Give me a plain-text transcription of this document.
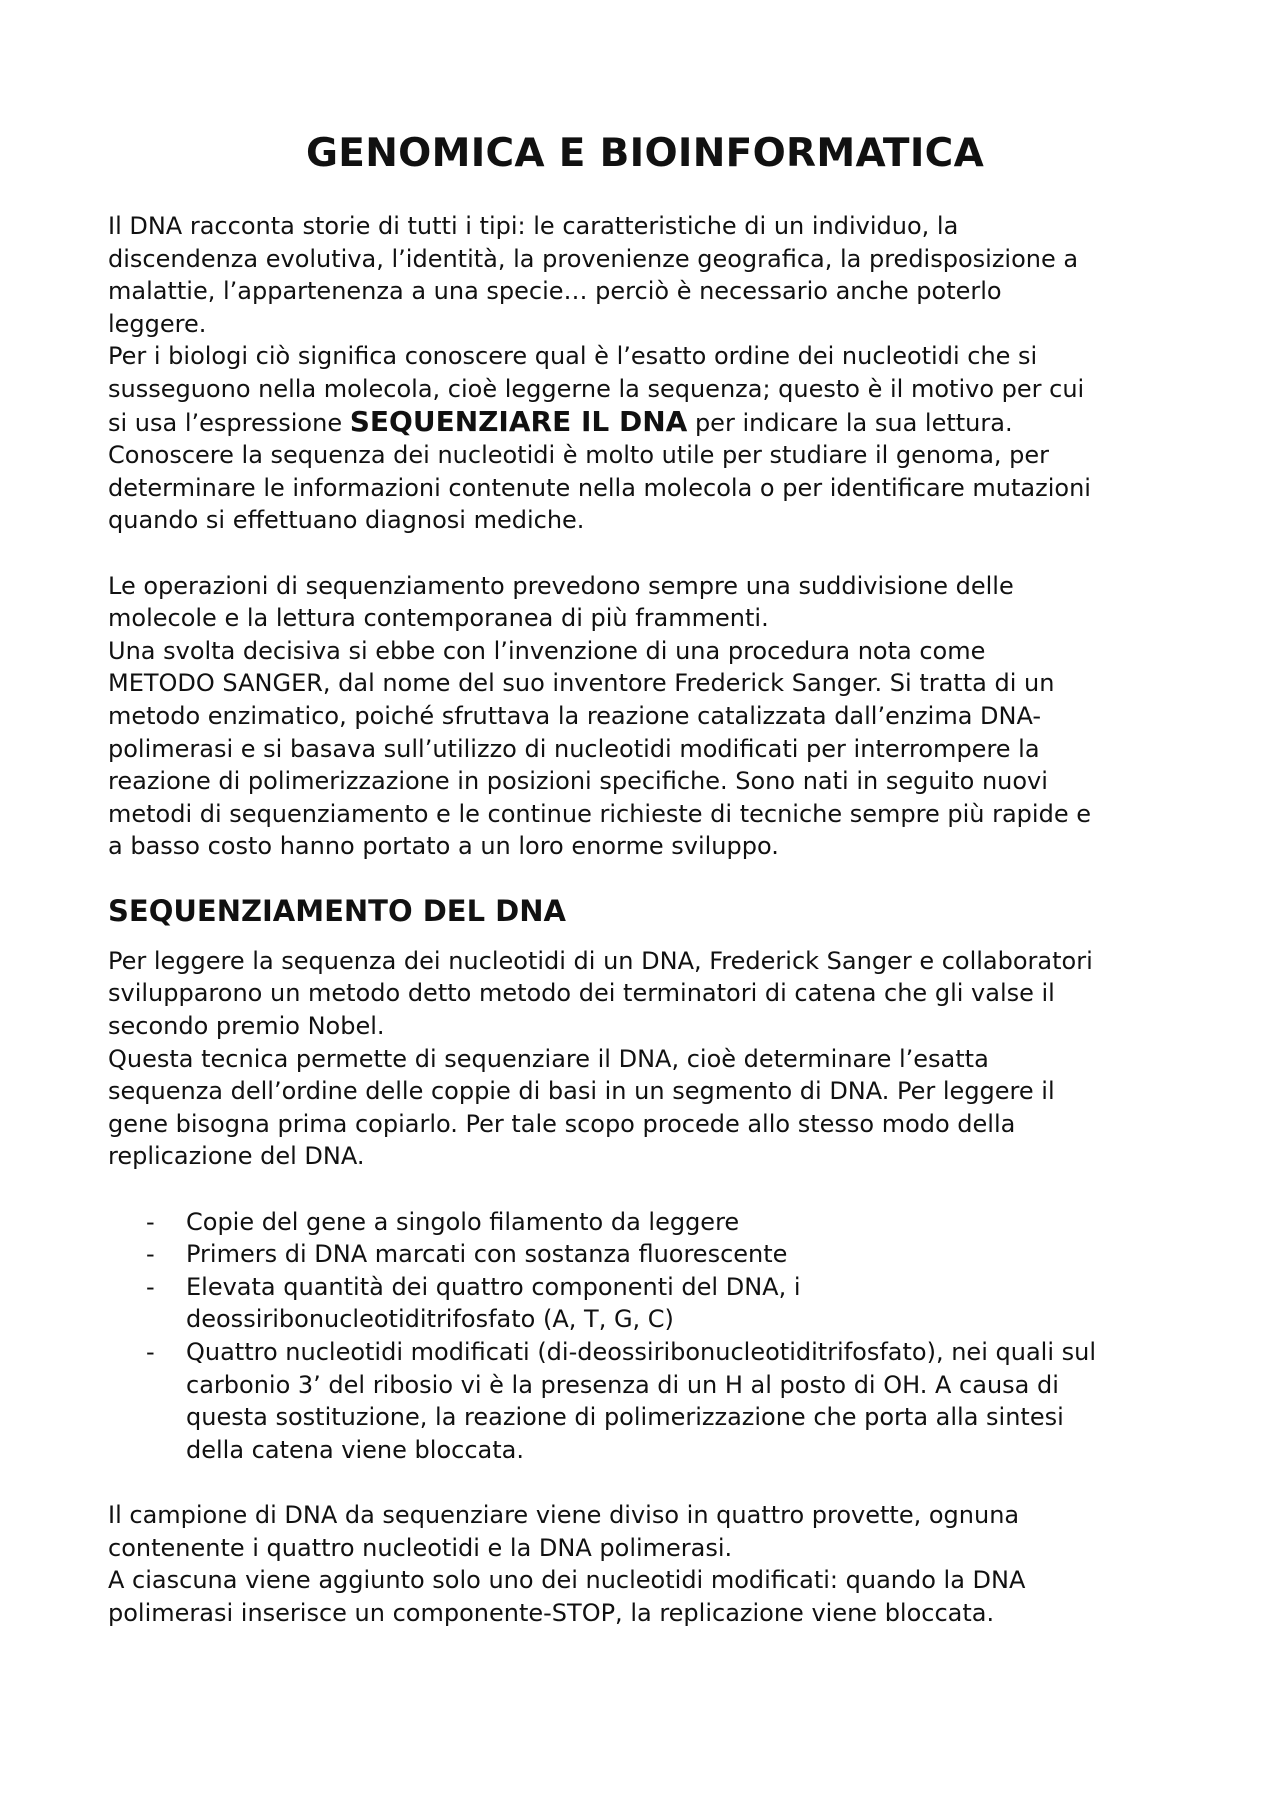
GENOMICA E BIOINFORMATICA
Il DNA racconta storie di tutti i tipi: le caratteristiche di un individuo, la
discendenza evolutiva, l’identità, la provenienze geografica, la predisposizione a
malattie, l’appartenenza a una specie… perciò è necessario anche poterlo
leggere.
Per i biologi ciò significa conoscere qual è l’esatto ordine dei nucleotidi che si
susseguono nella molecola, cioè leggerne la sequenza; questo è il motivo per cui
si usa l’espressione SEQUENZIARE IL DNA per indicare la sua lettura.
Conoscere la sequenza dei nucleotidi è molto utile per studiare il genoma, per
determinare le informazioni contenute nella molecola o per identificare mutazioni
quando si effettuano diagnosi mediche.
Le operazioni di sequenziamento prevedono sempre una suddivisione delle
molecole e la lettura contemporanea di più frammenti.
Una svolta decisiva si ebbe con l’invenzione di una procedura nota come
METODO SANGER, dal nome del suo inventore Frederick Sanger. Si tratta di un
metodo enzimatico, poiché sfruttava la reazione catalizzata dall’enzima DNA-
polimerasi e si basava sull’utilizzo di nucleotidi modificati per interrompere la
reazione di polimerizzazione in posizioni specifiche. Sono nati in seguito nuovi
metodi di sequenziamento e le continue richieste di tecniche sempre più rapide e
a basso costo hanno portato a un loro enorme sviluppo.
SEQUENZIAMENTO DEL DNA
Per leggere la sequenza dei nucleotidi di un DNA, Frederick Sanger e collaboratori
svilupparono un metodo detto metodo dei terminatori di catena che gli valse il
secondo premio Nobel.
Questa tecnica permette di sequenziare il DNA, cioè determinare l’esatta
sequenza dell’ordine delle coppie di basi in un segmento di DNA. Per leggere il
gene bisogna prima copiarlo. Per tale scopo procede allo stesso modo della
replicazione del DNA.
- Copie del gene a singolo filamento da leggere
- Primers di DNA marcati con sostanza fluorescente
- Elevata quantità dei quattro componenti del DNA, i
deossiribonucleotiditrifosfato (A, T, G, C)
- Quattro nucleotidi modificati (di-deossiribonucleotiditrifosfato), nei quali sul
carbonio 3’ del ribosio vi è la presenza di un H al posto di OH. A causa di
questa sostituzione, la reazione di polimerizzazione che porta alla sintesi
della catena viene bloccata.
Il campione di DNA da sequenziare viene diviso in quattro provette, ognuna
contenente i quattro nucleotidi e la DNA polimerasi.
A ciascuna viene aggiunto solo uno dei nucleotidi modificati: quando la DNA
polimerasi inserisce un componente-STOP, la replicazione viene bloccata.
